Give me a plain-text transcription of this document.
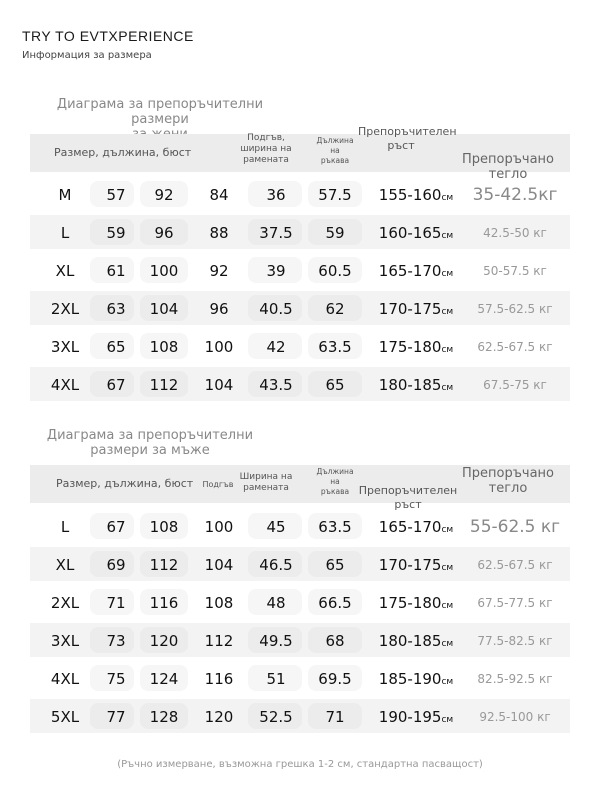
TRY TO EVTXPERIENCE
Информация за размера
Диаграма за препоръчителни размери
Размер, дължина, бюст
Подгъв,
ширина на
рамената
Дължина
на
ръкава
Препоръчителен
ръст
Препоръчано
тегло
M	57	92	84	36	57.5	155-160см	35-42.5кг
L	59	96	88	37.5	59	160-165см	42.5-50 кг
XL	61	100	92	39	60.5	165-170см	50-57.5 кг
2XL	63	104	96	40.5	62	170-175см	57.5-62.5 кг
3XL	65	108	100	42	63.5	175-180см	62.5-67.5 кг
4XL	67	112	104	43.5	65	180-185см	67.5-75 кг
Диаграма за препоръчителни
размери за мъже
Размер, дължина, бюст	Подгъв
Ширина на
рамената
Дължина
на
ръкава Препоръчителен
ръст
Препоръчано
тегло
L	67	108	100	45	63.5	165-170см 55-62.5 кг
XL	69	112	104	46.5	65	170-175см	62.5-67.5 кг
2XL	71	116	108	48	66.5	175-180см	67.5-77.5 кг
3XL	73	120	112	49.5	68	180-185см	77.5-82.5 кг
4XL	75	124	116	51	69.5	185-190см	82.5-92.5 кг
5XL	77	128	120	52.5	71	190-195см	92.5-100 кг
(Ръчно измерване, възможна грешка 1-2 см, стандартна пасващост)
